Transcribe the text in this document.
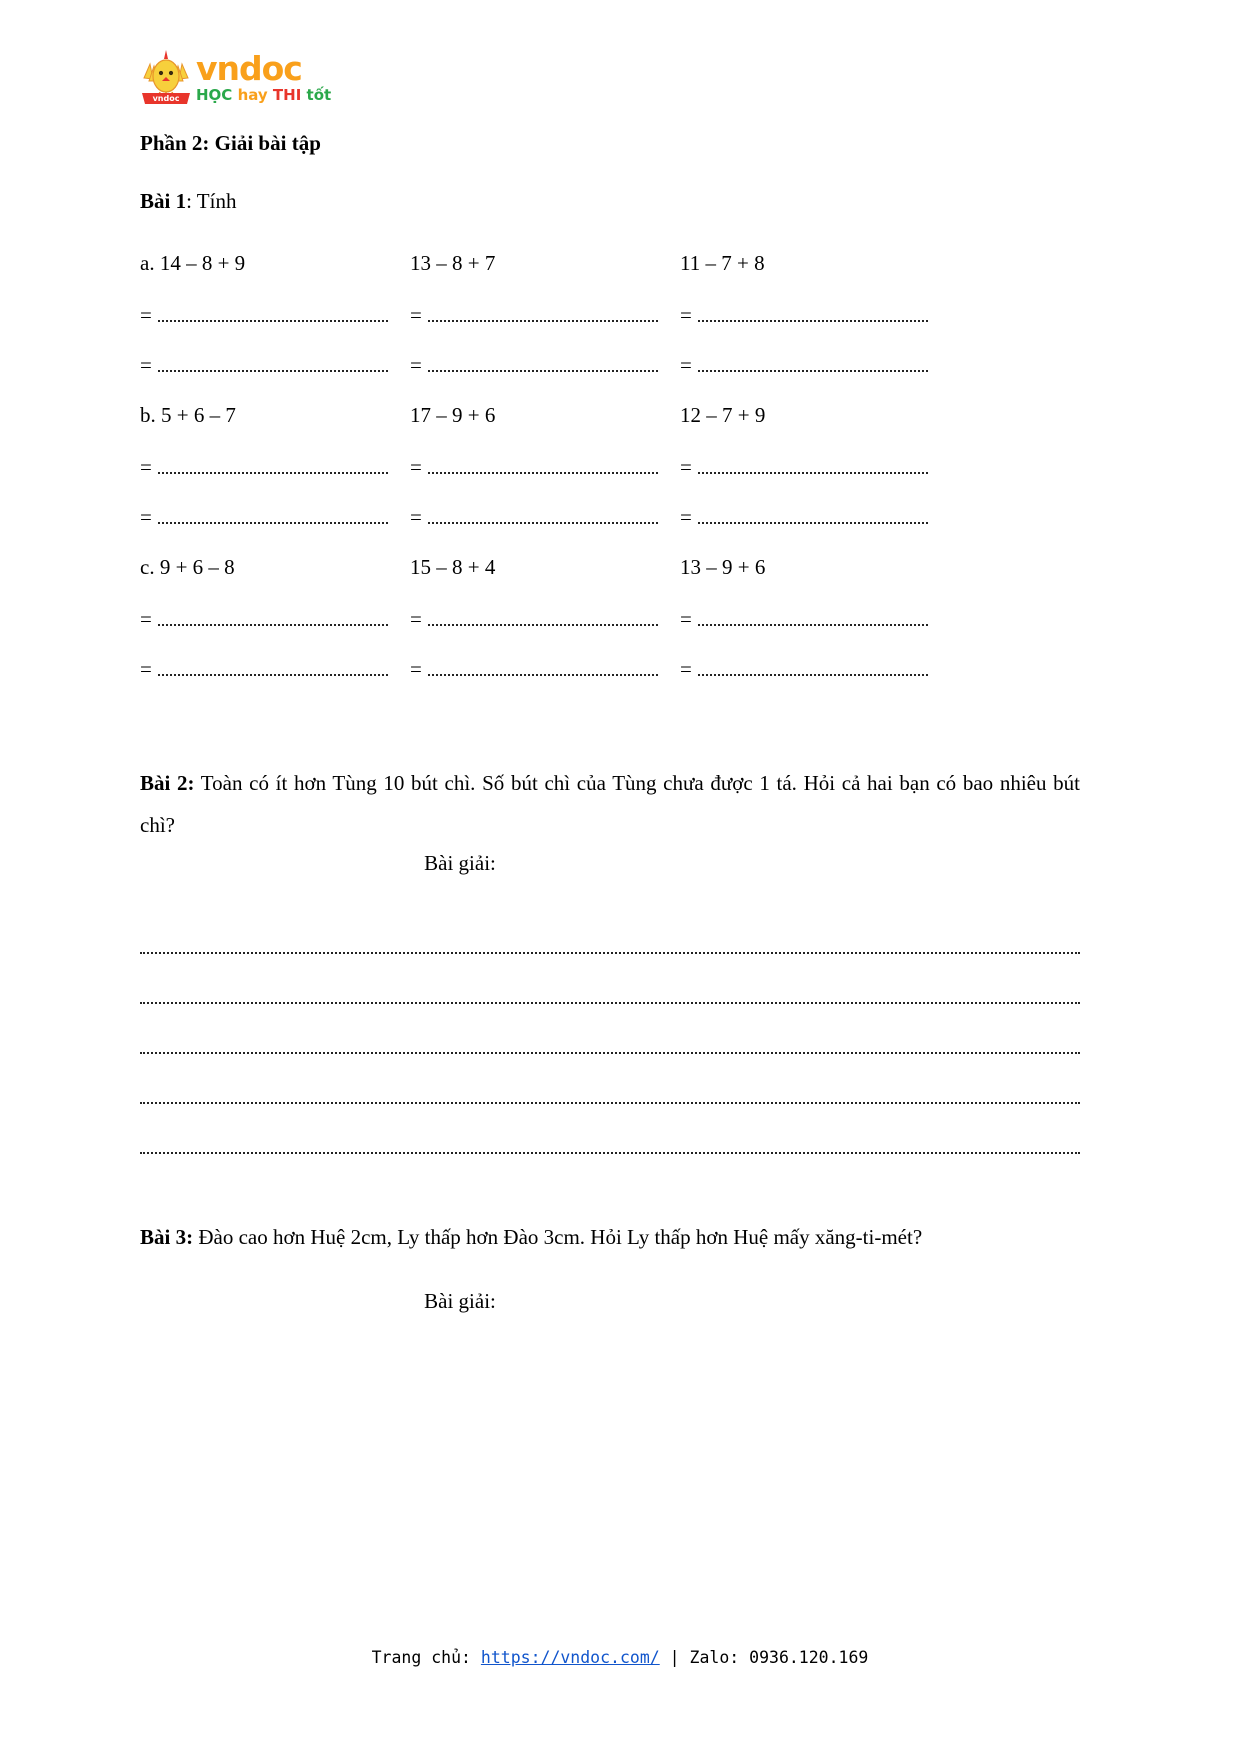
vndoc
vndoc
HỌC hay THI tốt

Phần 2: Giải bài tập

Bài 1: Tính

a. 14 – 8 + 9	13 – 8 + 7	11 – 7 + 8
=	=	=
=	=	=
b. 5 + 6 – 7	17 – 9 + 6	12 – 7 + 9
=	=	=
=	=	=
c. 9 + 6 – 8	15 – 8 + 4	13 – 9 + 6
=	=	=
=	=	=

Bài 2: Toàn có ít hơn Tùng 10 bút chì. Số bút chì của Tùng chưa được 1 tá. Hỏi cả hai bạn có bao nhiêu bút chì?

Bài giải:

Bài 3: Đào cao hơn Huệ 2cm, Ly thấp hơn Đào 3cm. Hỏi Ly thấp hơn Huệ mấy xăng-ti-mét?

Bài giải:

Trang chủ: https://vndoc.com/ | Zalo: 0936.120.169
